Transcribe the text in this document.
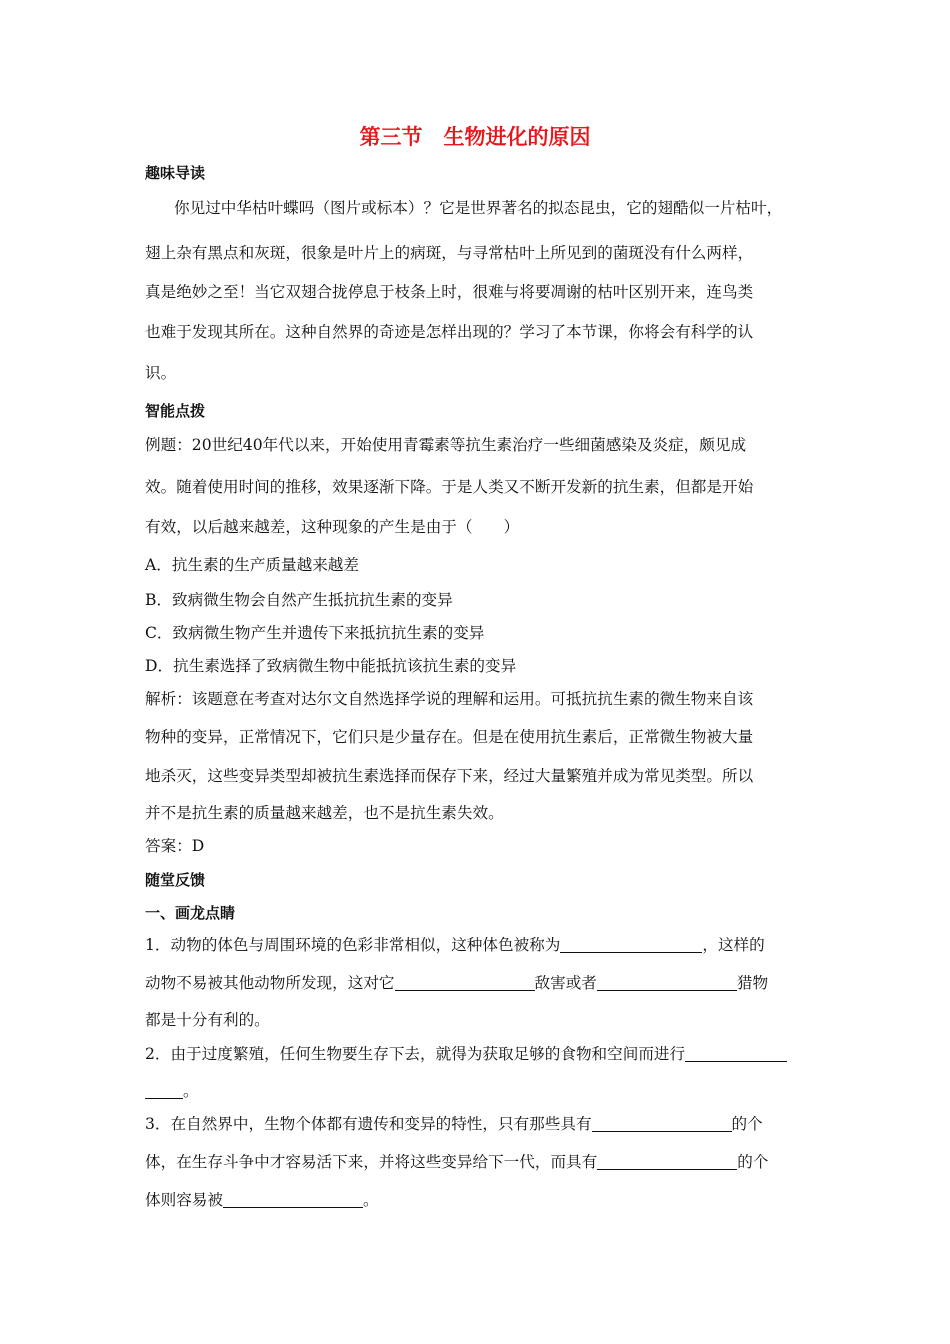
第三节　生物进化的原因
趣味导读
你见过中华枯叶蝶吗（图片或标本）？它是世界著名的拟态昆虫，它的翅酷似一片枯叶，
翅上杂有黑点和灰斑，很象是叶片上的病斑，与寻常枯叶上所见到的菌斑没有什么两样，
真是绝妙之至！当它双翅合拢停息于枝条上时，很难与将要凋谢的枯叶区别开来，连鸟类
也难于发现其所在。这种自然界的奇迹是怎样出现的？学习了本节课，你将会有科学的认
识。
智能点拨
例题：20世纪40年代以来，开始使用青霉素等抗生素治疗一些细菌感染及炎症，颇见成
效。随着使用时间的推移，效果逐渐下降。于是人类又不断开发新的抗生素，但都是开始
有效，以后越来越差，这种现象的产生是由于（　　）
A．抗生素的生产质量越来越差
B．致病微生物会自然产生抵抗抗生素的变异
C．致病微生物产生并遗传下来抵抗抗生素的变异
D．抗生素选择了致病微生物中能抵抗该抗生素的变异
解析：该题意在考查对达尔文自然选择学说的理解和运用。可抵抗抗生素的微生物来自该
物种的变异，正常情况下，它们只是少量存在。但是在使用抗生素后，正常微生物被大量
地杀灭，这些变异类型却被抗生素选择而保存下来，经过大量繁殖并成为常见类型。所以
并不是抗生素的质量越来越差，也不是抗生素失效。
答案：D
随堂反馈
一、画龙点睛
1．动物的体色与周围环境的色彩非常相似，这种体色被称为	，这样的
动物不易被其他动物所发现，这对它	敌害或者	猎物
都是十分有利的。
2．由于过度繁殖，任何生物要生存下去，就得为获取足够的食物和空间而进行
。
3．在自然界中，生物个体都有遗传和变异的特性，只有那些具有	的个
体，在生存斗争中才容易活下来，并将这些变异给下一代，而具有	的个
体则容易被	。
